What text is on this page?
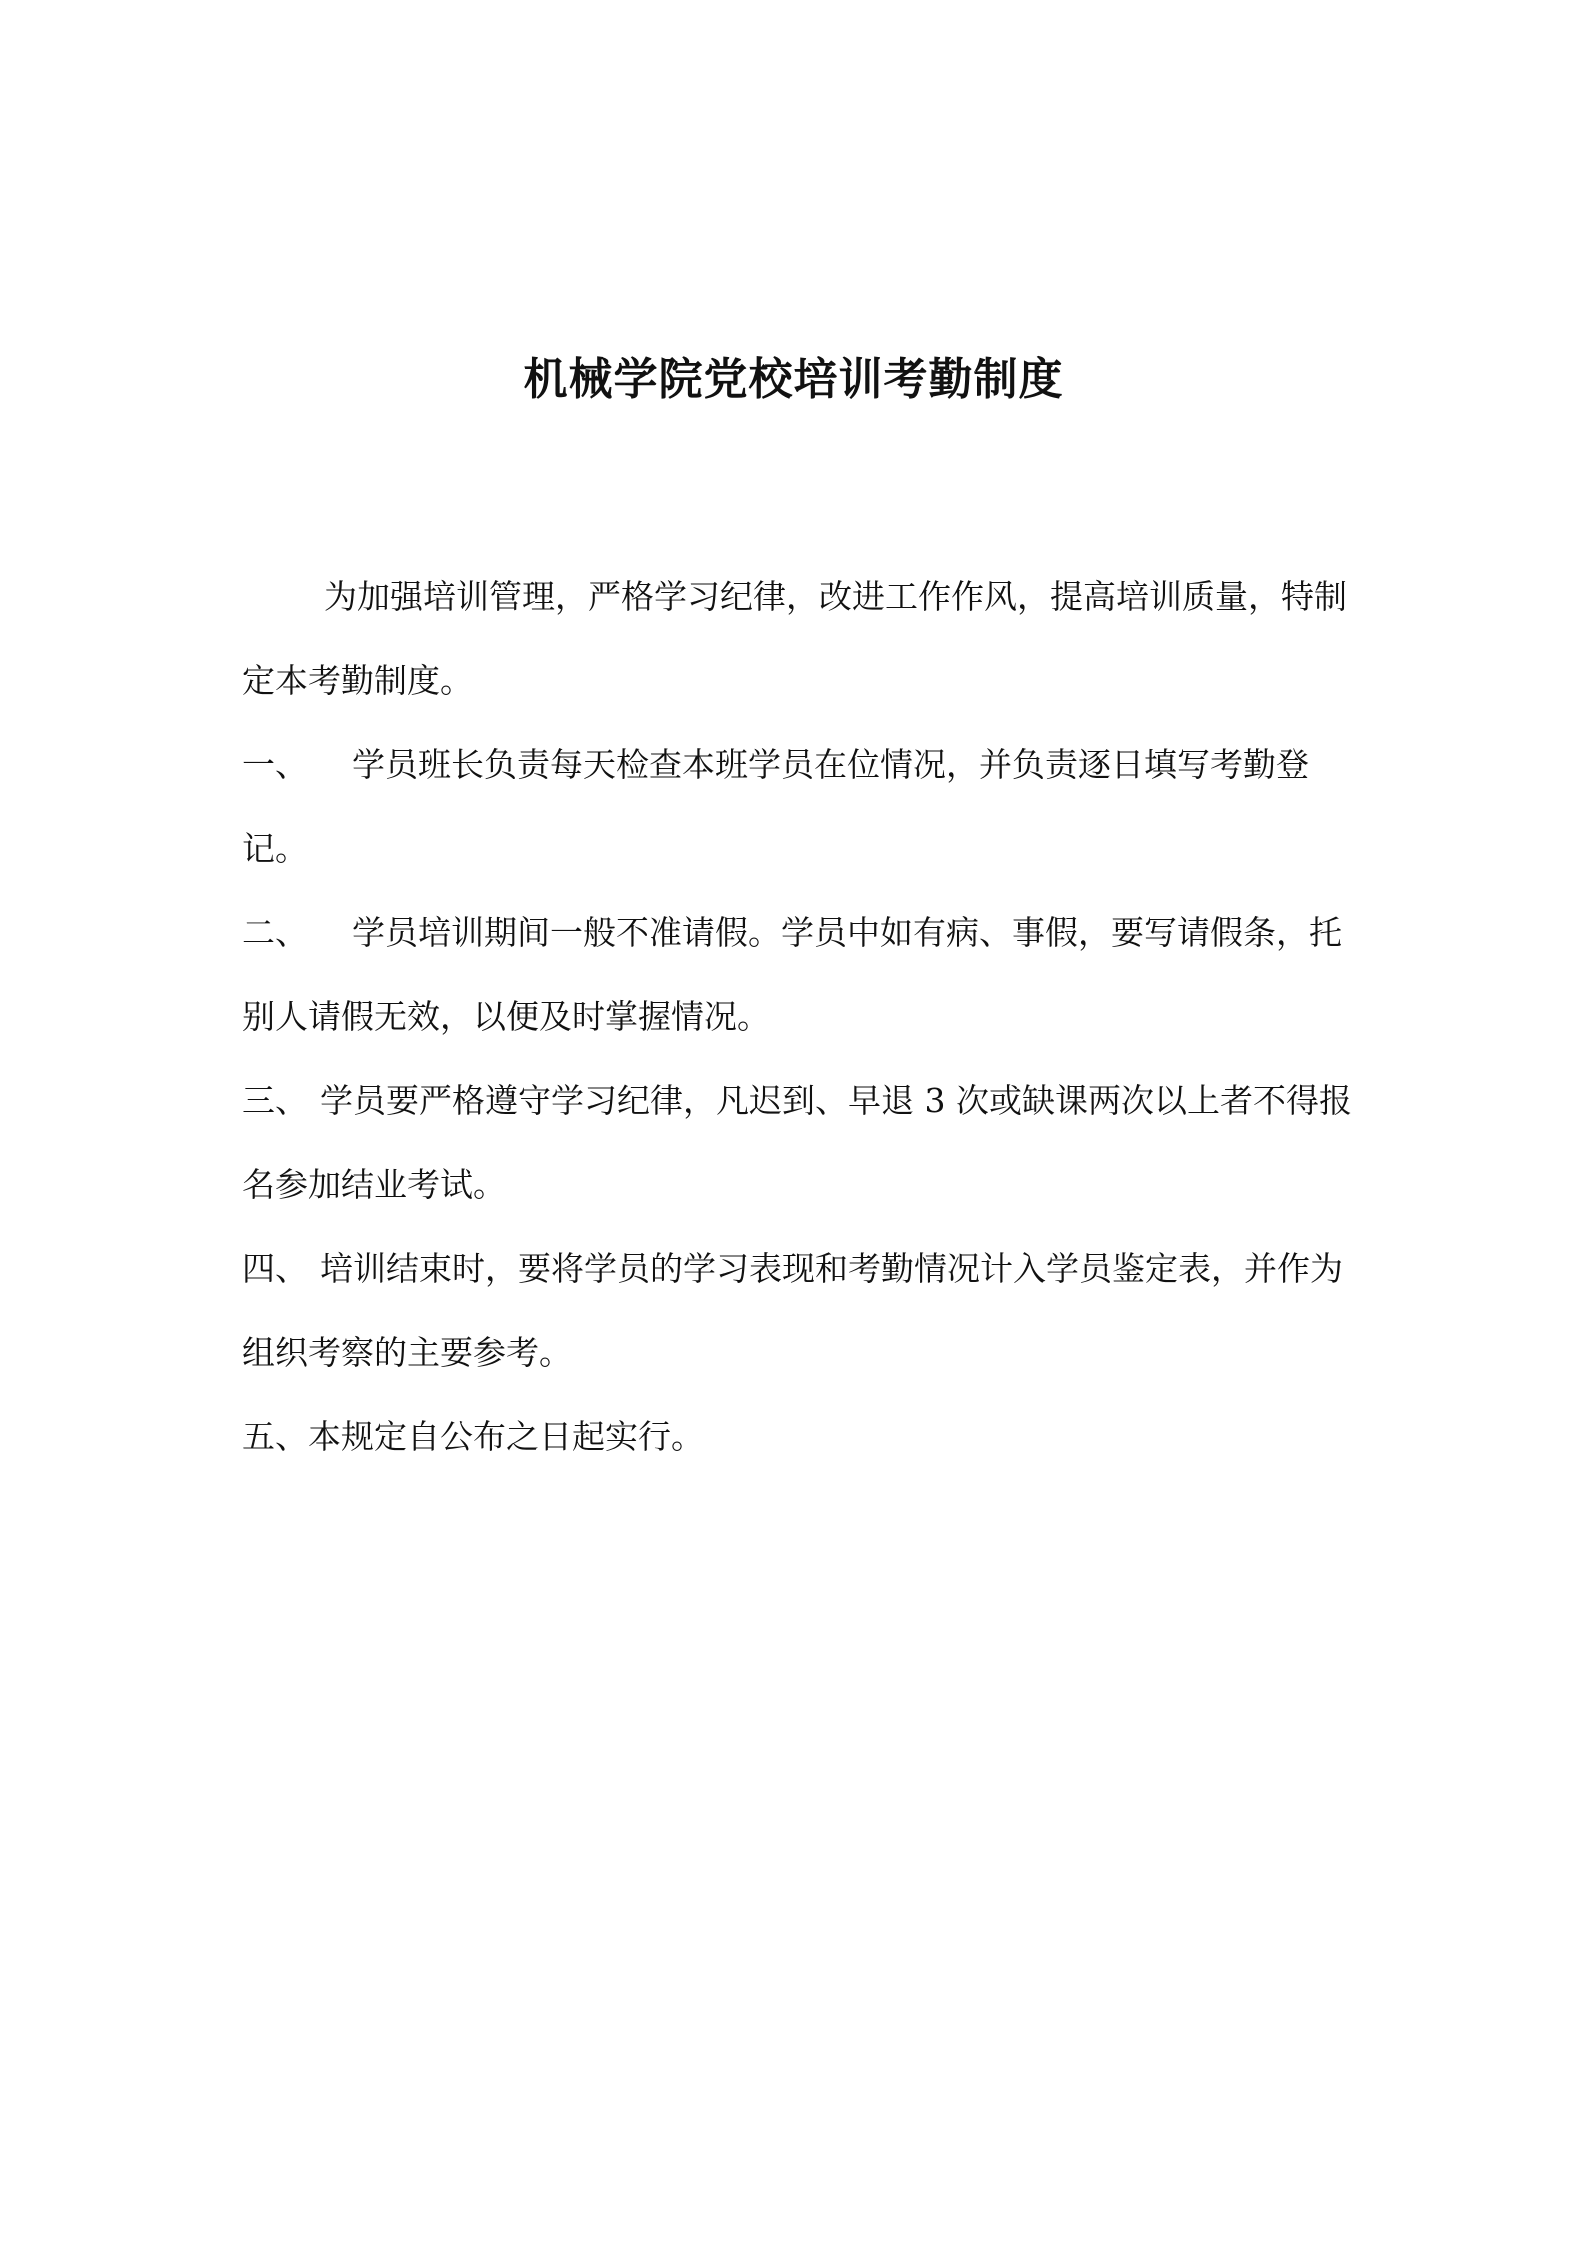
机械学院党校培训考勤制度

为加强培训管理，严格学习纪律，改进工作作风，提高培训质量，特制定本考勤制度。

一、 学员班长负责每天检查本班学员在位情况，并负责逐日填写考勤登记。

二、 学员培训期间一般不准请假。学员中如有病、事假，要写请假条，托别人请假无效，以便及时掌握情况。

三、 学员要严格遵守学习纪律，凡迟到、早退 3 次或缺课两次以上者不得报名参加结业考试。

四、 培训结束时，要将学员的学习表现和考勤情况计入学员鉴定表，并作为组织考察的主要参考。

五、本规定自公布之日起实行。
